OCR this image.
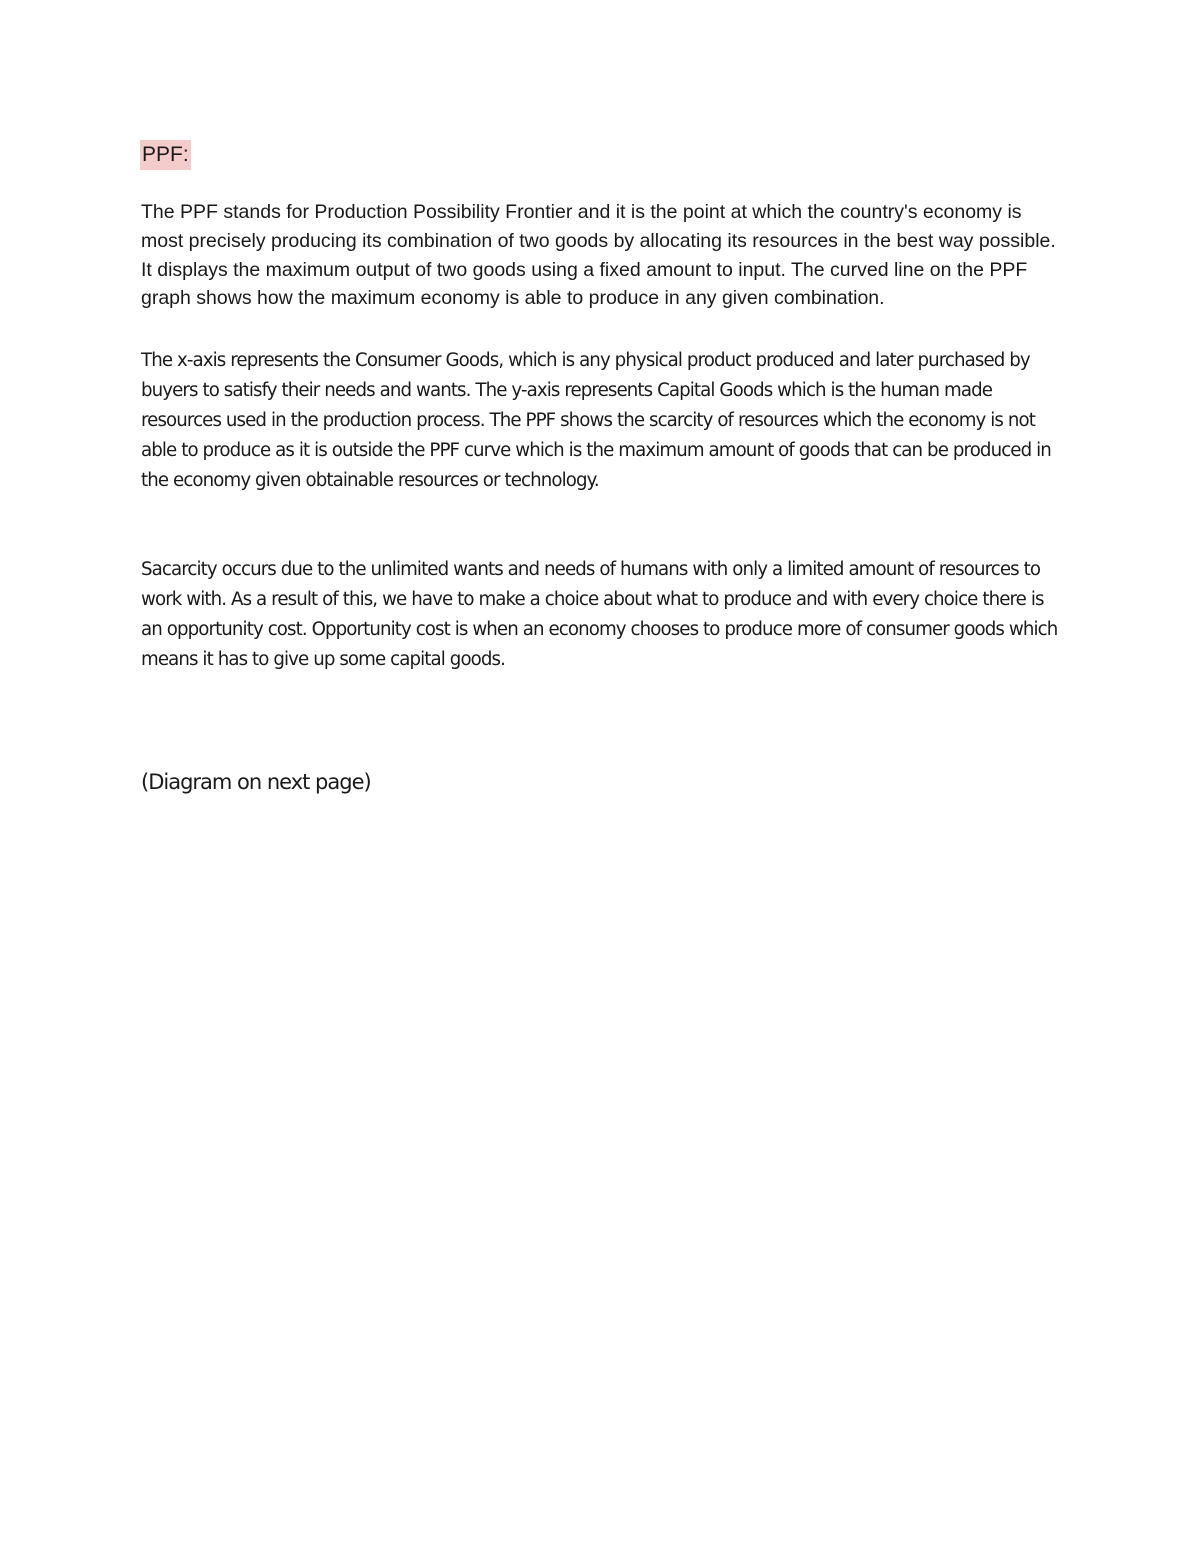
PPF:

The PPF stands for Production Possibility Frontier and it is the point at which the country's economy is most precisely producing its combination of two goods by allocating its resources in the best way possible. It displays the maximum output of two goods using a fixed amount to input. The curved line on the PPF graph shows how the maximum economy is able to produce in any given combination.

The x-axis represents the Consumer Goods, which is any physical product produced and later purchased by buyers to satisfy their needs and wants. The y-axis represents Capital Goods which is the human made resources used in the production process. The PPF shows the scarcity of resources which the economy is not able to produce as it is outside the PPF curve which is the maximum amount of goods that can be produced in the economy given obtainable resources or technology.

Sacarcity occurs due to the unlimited wants and needs of humans with only a limited amount of resources to work with. As a result of this, we have to make a choice about what to produce and with every choice there is an opportunity cost. Opportunity cost is when an economy chooses to produce more of consumer goods which means it has to give up some capital goods.

(Diagram on next page)
